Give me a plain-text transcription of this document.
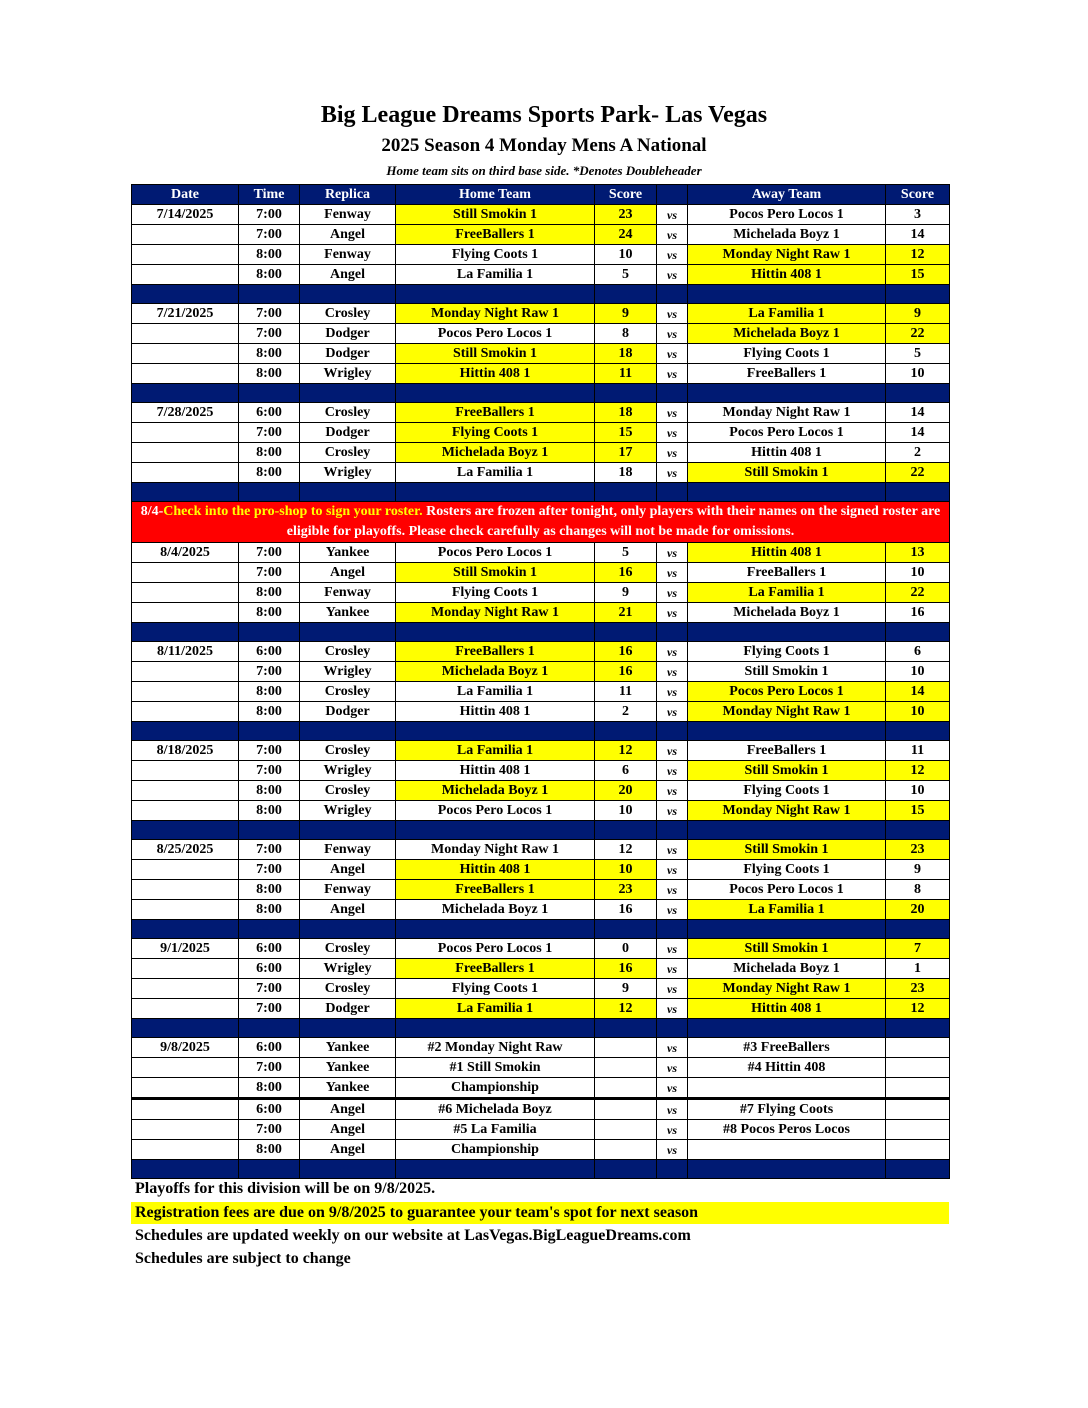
Big League Dreams Sports Park- Las Vegas
2025 Season 4 Monday Mens A National
Home team sits on third base side. *Denotes Doubleheader
Date	Time	Replica	Home Team	Score		Away Team	Score
7/14/2025	7:00	Fenway	Still Smokin 1	23	vs	Pocos Pero Locos 1	3
	7:00	Angel	FreeBallers 1	24	vs	Michelada Boyz 1	14
	8:00	Fenway	Flying Coots 1	10	vs	Monday Night Raw 1	12
	8:00	Angel	La Familia 1	5	vs	Hittin 408 1	15

7/21/2025	7:00	Crosley	Monday Night Raw 1	9	vs	La Familia 1	9
	7:00	Dodger	Pocos Pero Locos 1	8	vs	Michelada Boyz 1	22
	8:00	Dodger	Still Smokin 1	18	vs	Flying Coots 1	5
	8:00	Wrigley	Hittin 408 1	11	vs	FreeBallers 1	10

7/28/2025	6:00	Crosley	FreeBallers 1	18	vs	Monday Night Raw 1	14
	7:00	Dodger	Flying Coots 1	15	vs	Pocos Pero Locos 1	14
	8:00	Crosley	Michelada Boyz 1	17	vs	Hittin 408 1	2
	8:00	Wrigley	La Familia 1	18	vs	Still Smokin 1	22

8/4-Check into the pro-shop to sign your roster. Rosters are frozen after tonight, only players with their names on the signed roster are eligible for playoffs. Please check carefully as changes will not be made for omissions.							
8/4/2025	7:00	Yankee	Pocos Pero Locos 1	5	vs	Hittin 408 1	13
	7:00	Angel	Still Smokin 1	16	vs	FreeBallers 1	10
	8:00	Fenway	Flying Coots 1	9	vs	La Familia 1	22
	8:00	Yankee	Monday Night Raw 1	21	vs	Michelada Boyz 1	16

8/11/2025	6:00	Crosley	FreeBallers 1	16	vs	Flying Coots 1	6
	7:00	Wrigley	Michelada Boyz 1	16	vs	Still Smokin 1	10
	8:00	Crosley	La Familia 1	11	vs	Pocos Pero Locos 1	14
	8:00	Dodger	Hittin 408 1	2	vs	Monday Night Raw 1	10

8/18/2025	7:00	Crosley	La Familia 1	12	vs	FreeBallers 1	11
	7:00	Wrigley	Hittin 408 1	6	vs	Still Smokin 1	12
	8:00	Crosley	Michelada Boyz 1	20	vs	Flying Coots 1	10
	8:00	Wrigley	Pocos Pero Locos 1	10	vs	Monday Night Raw 1	15

8/25/2025	7:00	Fenway	Monday Night Raw 1	12	vs	Still Smokin 1	23
	7:00	Angel	Hittin 408 1	10	vs	Flying Coots 1	9
	8:00	Fenway	FreeBallers 1	23	vs	Pocos Pero Locos 1	8
	8:00	Angel	Michelada Boyz 1	16	vs	La Familia 1	20

9/1/2025	6:00	Crosley	Pocos Pero Locos 1	0	vs	Still Smokin 1	7
	6:00	Wrigley	FreeBallers 1	16	vs	Michelada Boyz 1	1
	7:00	Crosley	Flying Coots 1	9	vs	Monday Night Raw 1	23
	7:00	Dodger	La Familia 1	12	vs	Hittin 408 1	12

9/8/2025	6:00	Yankee	#2 Monday Night Raw		vs	#3 FreeBallers	
	7:00	Yankee	#1 Still Smokin		vs	#4 Hittin 408	
	8:00	Yankee	Championship		vs		
	6:00	Angel	#6 Michelada Boyz		vs	#7 Flying Coots	
	7:00	Angel	#5 La Familia		vs	#8 Pocos Peros Locos	
	8:00	Angel	Championship		vs		

Playoffs for this division will be on 9/8/2025.
Registration fees are due on 9/8/2025 to guarantee your team's spot for next season
Schedules are updated weekly on our website at LasVegas.BigLeagueDreams.com
Schedules are subject to change
